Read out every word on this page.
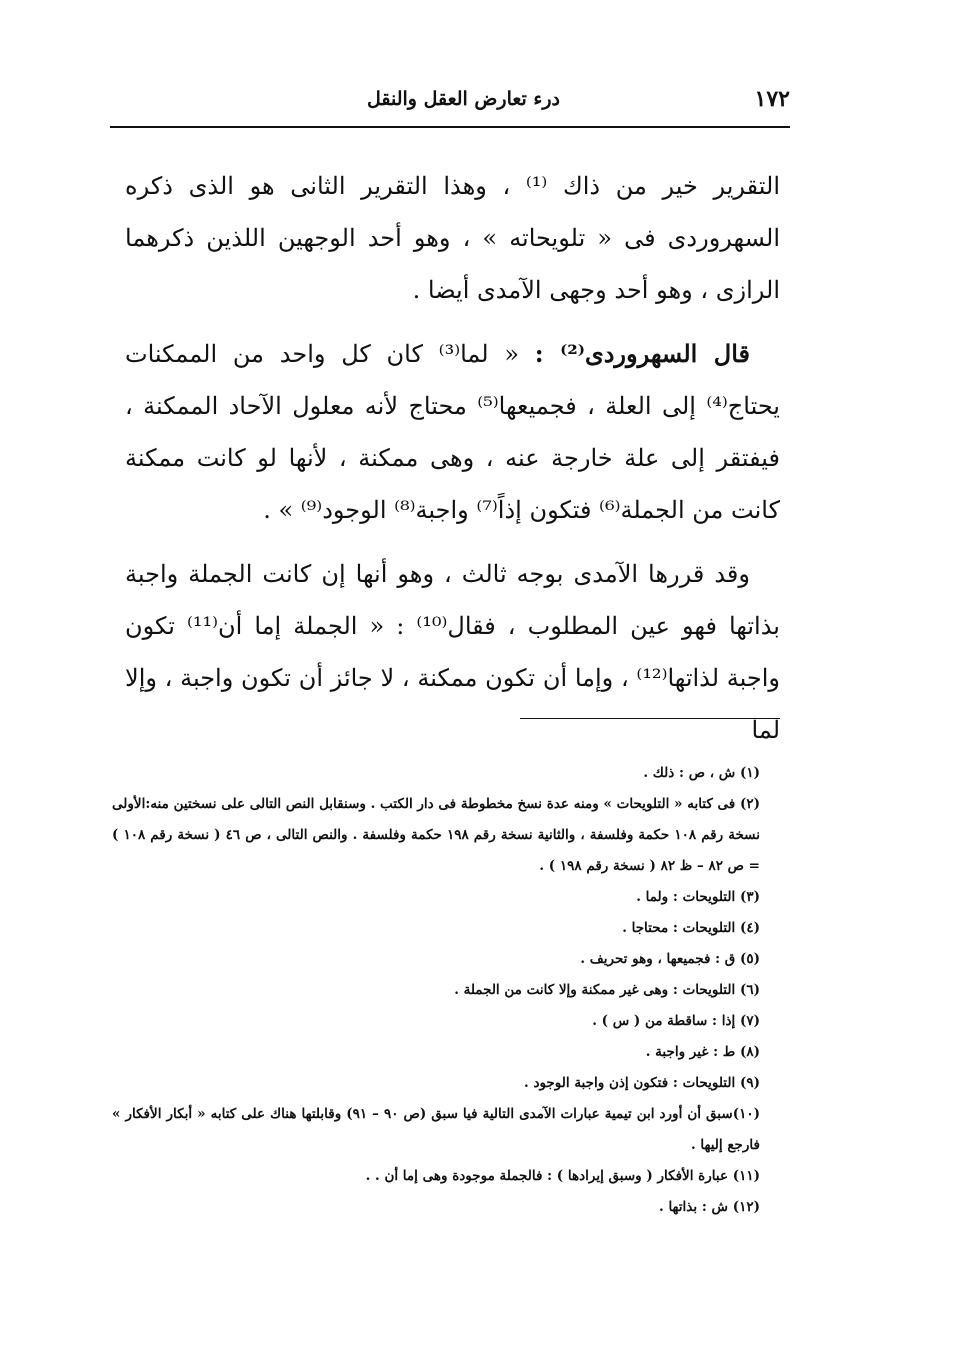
١٧٢
درء تعارض العقل والنقل

التقرير خير من ذاك ⁽¹⁾ ، وهذا التقرير الثانى هو الذى ذكره السهروردى فى « تلويحاته » ، وهو أحد الوجهين اللذين ذكرهما الرازى ، وهو أحد وجهى الآمدى أيضا .

قال السهروردى⁽²⁾ : « لما⁽³⁾ كان كل واحد من الممكنات يحتاج⁽⁴⁾ إلى العلة ، فجميعها⁽⁵⁾ محتاج لأنه معلول الآحاد الممكنة ، فيفتقر إلى علة خارجة عنه ، وهى ممكنة ، لأنها لو كانت ممكنة كانت من الجملة⁽⁶⁾ فتكون إذاً⁽⁷⁾ واجبة⁽⁸⁾ الوجود⁽⁹⁾ » .

وقد قررها الآمدى بوجه ثالث ، وهو أنها إن كانت الجملة واجبة بذاتها فهو عين المطلوب ، فقال⁽¹⁰⁾ : « الجملة إما أن⁽¹¹⁾ تكون واجبة لذاتها⁽¹²⁾ ، وإما أن تكون ممكنة ، لا جائز أن تكون واجبة ، وإلا لما

(١) ش ، ص : ذلك .

(٢) فى كتابه « التلويحات » ومنه عدة نسخ مخطوطة فى دار الكتب . وسنقابل النص التالى على نسختين منه:الأولى نسخة رقم ١٠٨ حكمة وفلسفة ، والثانية نسخة رقم ١٩٨ حكمة وفلسفة . والنص التالى ، ص ٤٦ ( نسخة رقم ١٠٨ ) = ص ٨٢ – ظ ٨٢ ( نسخة رقم ١٩٨ ) .

(٣) التلويحات : ولما .

(٤) التلويحات : محتاجا .

(٥) ق : فجميعها ، وهو تحريف .

(٦) التلويحات : وهى غير ممكنة وإلا كانت من الجملة .

(٧) إذا : ساقطة من ( س ) .

(٨) ط : غير واجبة .

(٩) التلويحات : فتكون إذن واجبة الوجود .

(١٠)سبق أن أورد ابن تيمية عبارات الآمدى التالية فيا سبق (ص ٩٠ – ٩١) وقابلتها هناك على كتابه « أبكار الأفكار » فارجع إليها .

(١١) عبارة الأفكار ( وسبق إيرادها ) : فالجملة موجودة وهى إما أن . .

(١٢) ش : بذاتها .
